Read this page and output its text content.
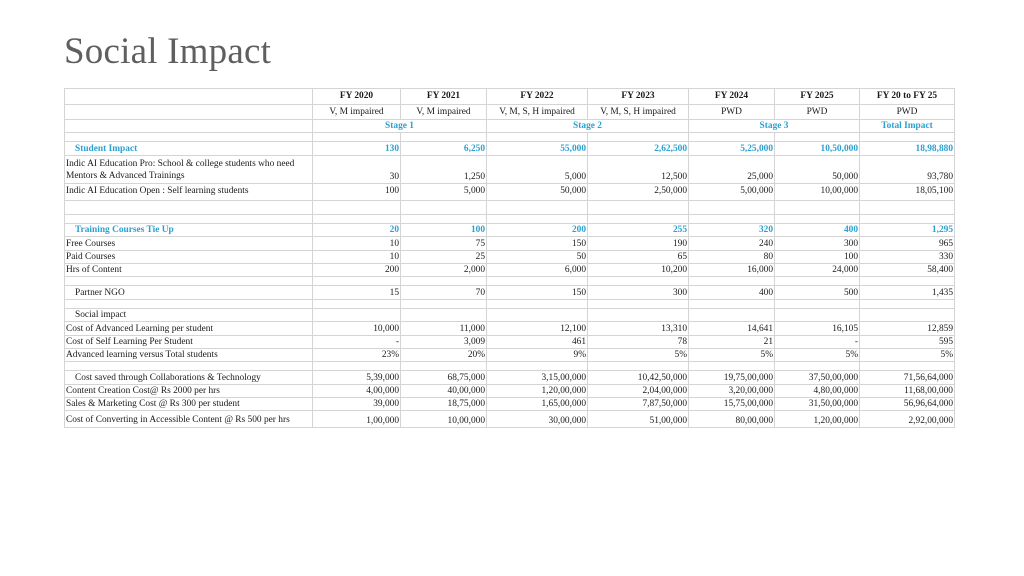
Social Impact
	FY 2020	FY 2021	FY 2022	FY 2023	FY 2024	FY 2025	FY 20 to FY 25
	V, M impaired	V, M impaired	V, M, S, H impaired	V, M, S, H impaired	PWD	PWD	PWD
	Stage 1		Stage 2		Stage 3		Total Impact

Student Impact	130	6,250	55,000	2,62,500	5,25,000	10,50,000	18,98,880
Indic AI Education Pro: School & college students who need Mentors & Advanced Trainings	30	1,250	5,000	12,500	25,000	50,000	93,780
Indic AI Education Open : Self learning students	100	5,000	50,000	2,50,000	5,00,000	10,00,000	18,05,100

Training Courses Tie Up	20	100	200	255	320	400	1,295
Free Courses	10	75	150	190	240	300	965
Paid Courses	10	25	50	65	80	100	330
Hrs of Content	200	2,000	6,000	10,200	16,000	24,000	58,400

Partner NGO	15	70	150	300	400	500	1,435

Social impact							
Cost of Advanced Learning per student	10,000	11,000	12,100	13,310	14,641	16,105	12,859
Cost of Self Learning Per Student	-	3,009	461	78	21	-	595
Advanced learning versus Total students	23%	20%	9%	5%	5%	5%	5%

Cost saved through Collaborations & Technology	5,39,000	68,75,000	3,15,00,000	10,42,50,000	19,75,00,000	37,50,00,000	71,56,64,000
Content Creation Cost@ Rs 2000 per hrs	4,00,000	40,00,000	1,20,00,000	2,04,00,000	3,20,00,000	4,80,00,000	11,68,00,000
Sales & Marketing Cost @ Rs 300 per student	39,000	18,75,000	1,65,00,000	7,87,50,000	15,75,00,000	31,50,00,000	56,96,64,000
Cost of Converting in Accessible Content @ Rs 500 per hrs	1,00,000	10,00,000	30,00,000	51,00,000	80,00,000	1,20,00,000	2,92,00,000
